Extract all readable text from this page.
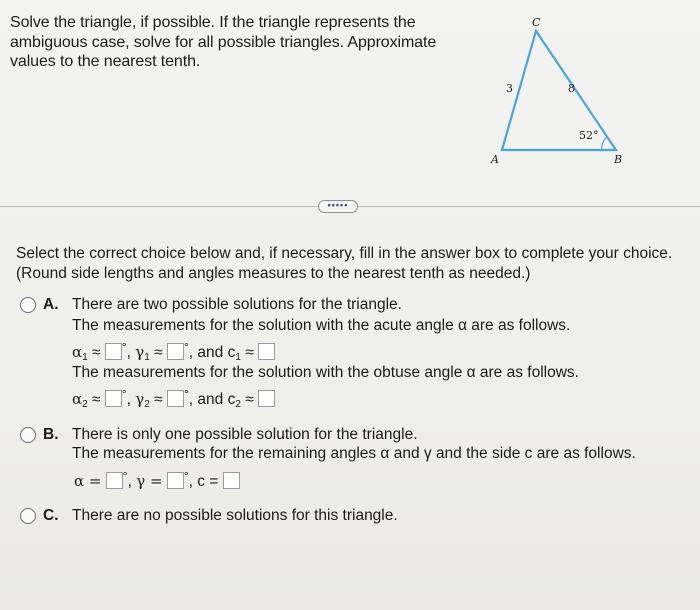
Solve the triangle, if possible. If the triangle represents the
ambiguous case, solve for all possible triangles. Approximate
values to the nearest tenth.
C
A	B
3	8
52°
•••••
Select the correct choice below and, if necessary, fill in the answer box to complete your choice.
(Round side lengths and angles measures to the nearest tenth as needed.)
A. There are two possible solutions for the triangle.
The measurements for the solution with the acute angle α are as follows.
$\alpha_1 \approx ^\circ$, $\gamma_1 \approx ^\circ$, and $c_1$ ≈
The measurements for the solution with the obtuse angle α are as follows.
$\alpha_2 \approx ^\circ$, $\gamma_2 \approx ^\circ$, and $c_2$ ≈
B. There is only one possible solution for the triangle.
The measurements for the remaining angles α and γ and the side c are as follows.
α = °, γ = °, c =
C. There are no possible solutions for this triangle.
